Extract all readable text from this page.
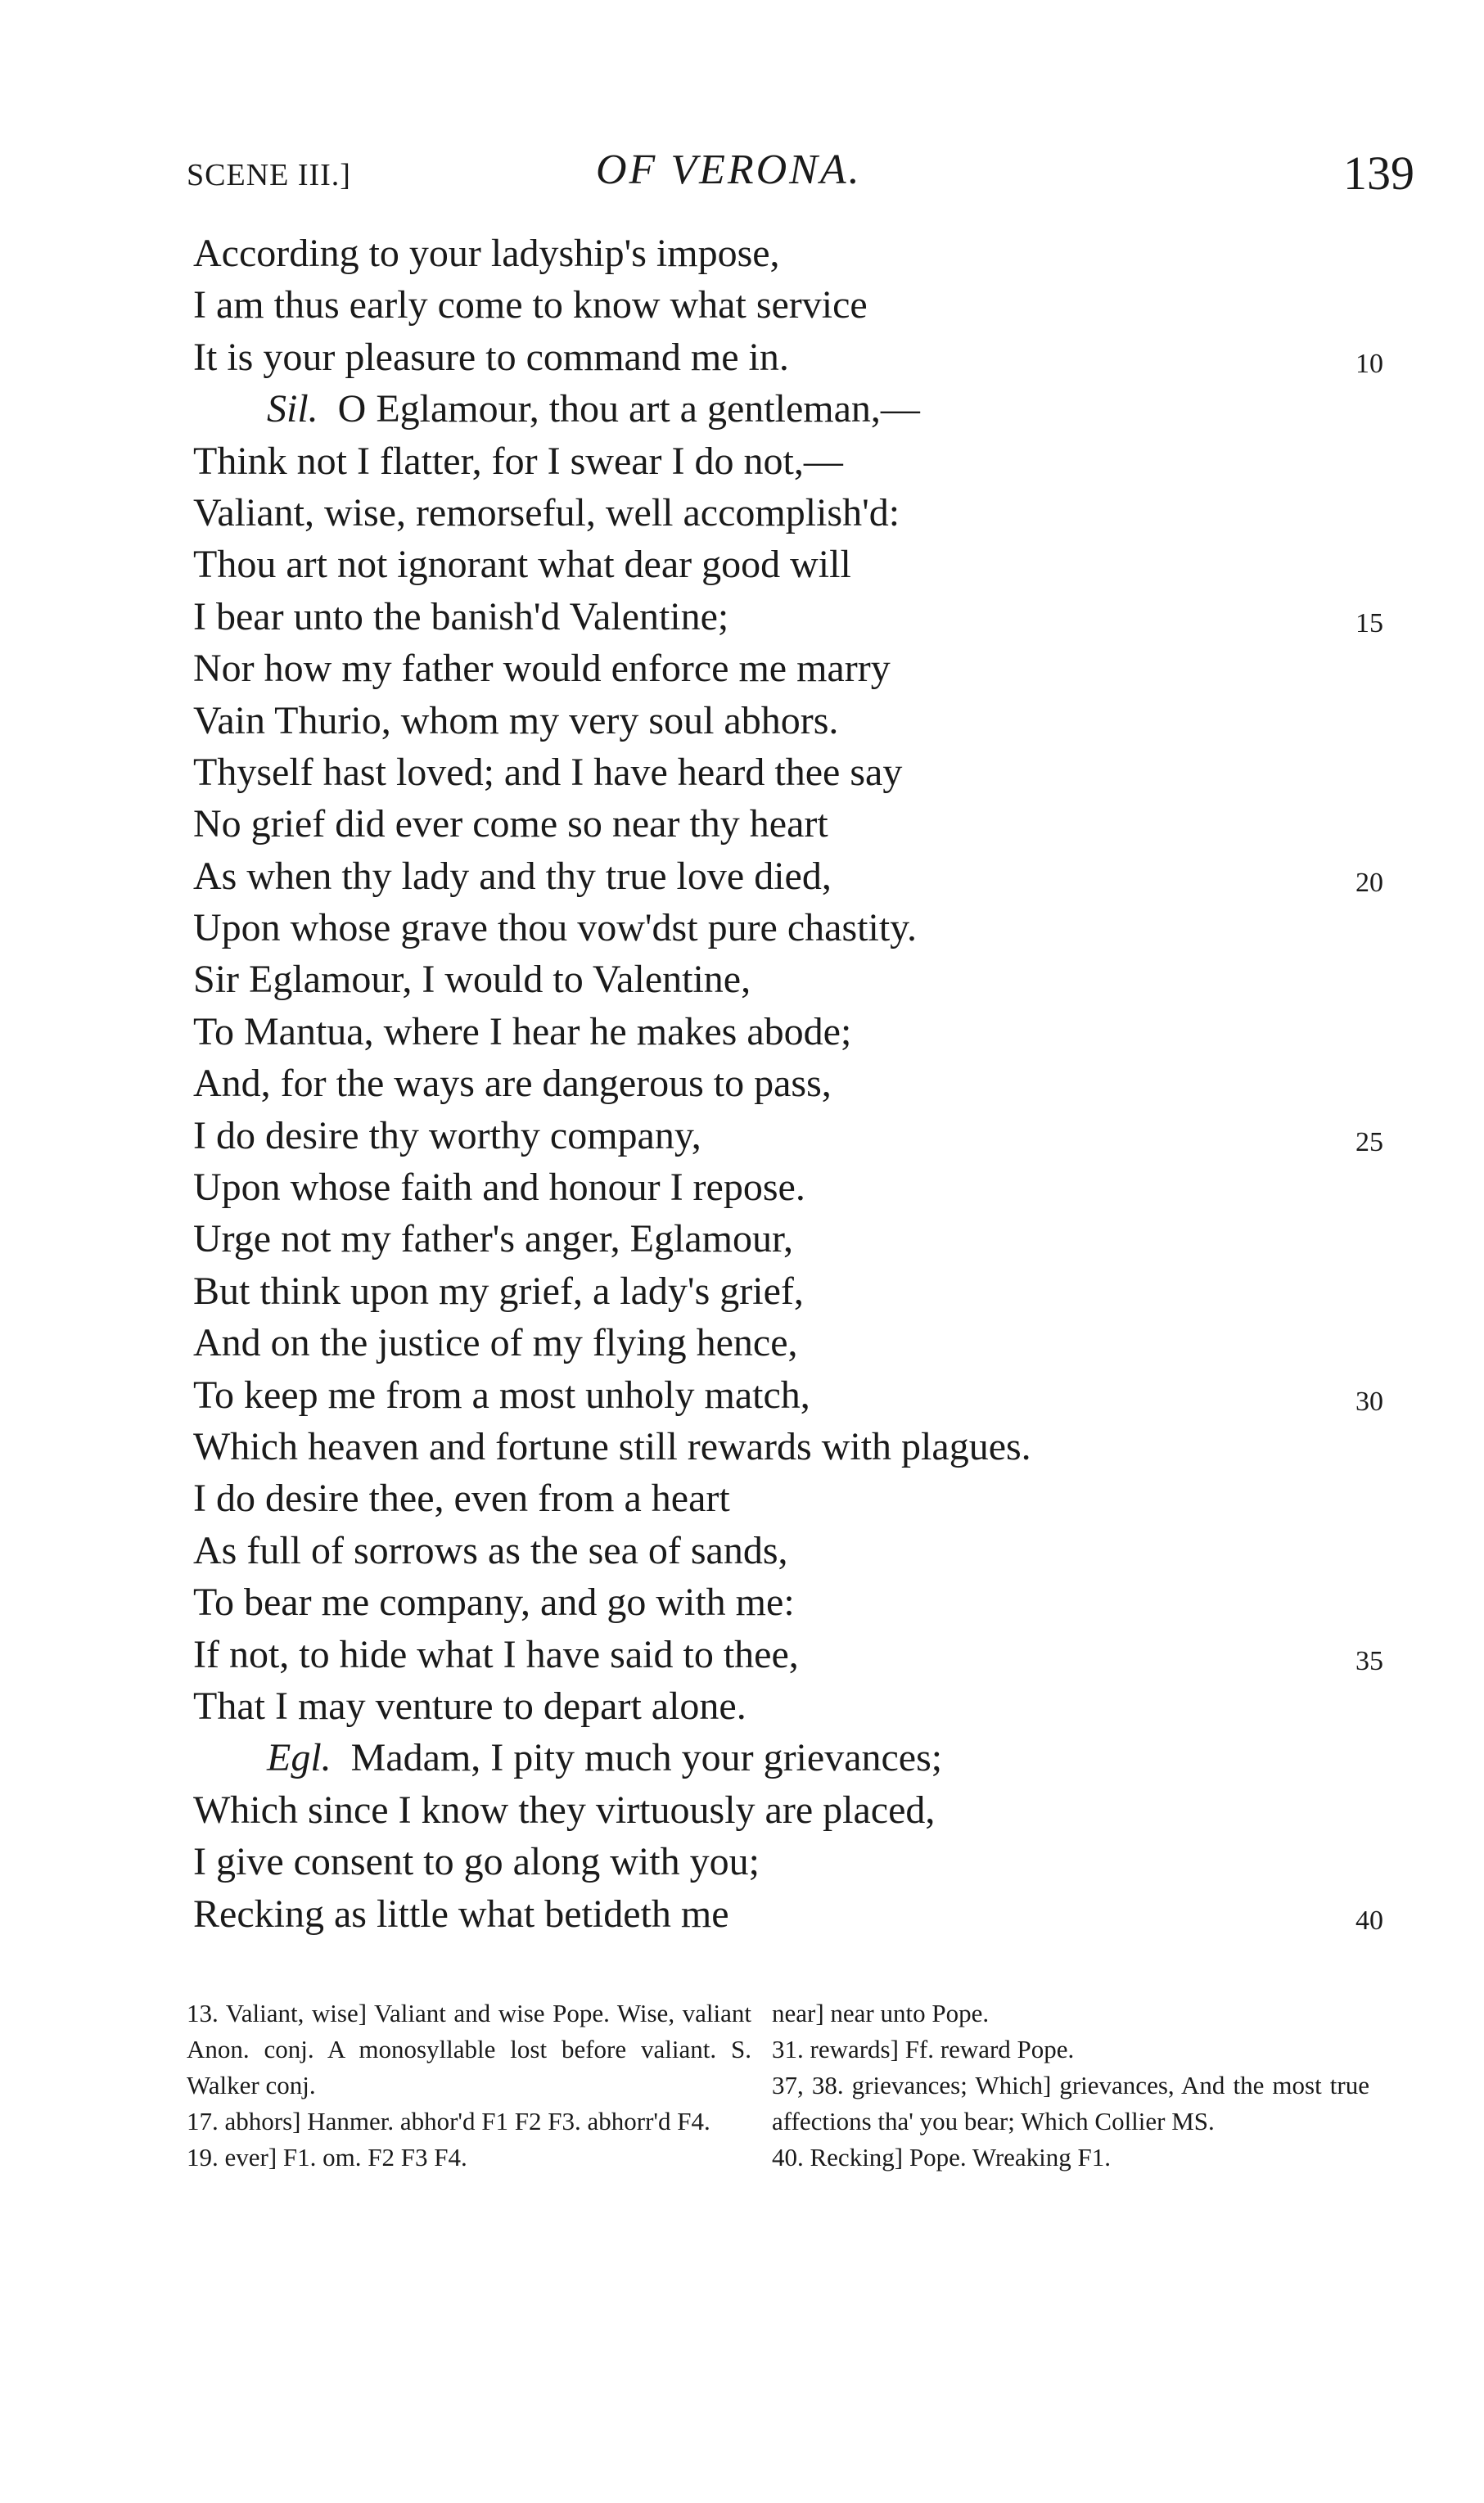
SCENE III.]	OF VERONA.	139
According to your ladyship's impose,
I am thus early come to know what service
It is your pleasure to command me in.	10
Sil.  O Eglamour, thou art a gentleman,—
Think not I flatter, for I swear I do not,—
Valiant, wise, remorseful, well accomplish'd:
Thou art not ignorant what dear good will
I bear unto the banish'd Valentine;	15
Nor how my father would enforce me marry
Vain Thurio, whom my very soul abhors.
Thyself hast loved; and I have heard thee say
No grief did ever come so near thy heart
As when thy lady and thy true love died,	20
Upon whose grave thou vow'dst pure chastity.
Sir Eglamour, I would to Valentine,
To Mantua, where I hear he makes abode;
And, for the ways are dangerous to pass,
I do desire thy worthy company,	25
Upon whose faith and honour I repose.
Urge not my father's anger, Eglamour,
But think upon my grief, a lady's grief,
And on the justice of my flying hence,
To keep me from a most unholy match,	30
Which heaven and fortune still rewards with plagues.
I do desire thee, even from a heart
As full of sorrows as the sea of sands,
To bear me company, and go with me:
If not, to hide what I have said to thee,	35
That I may venture to depart alone.
Egl.  Madam, I pity much your grievances;
Which since I know they virtuously are placed,
I give consent to go along with you;
Recking as little what betideth me	40
13. Valiant, wise] Valiant and wise Pope. Wise, valiant Anon. conj. A monosyllable lost before valiant. S. Walker conj.
17. abhors] Hanmer. abhor'd F1 F2 F3. abhorr'd F4.
19. ever] F1. om. F2 F3 F4.
near] near unto Pope.
31. rewards] Ff. reward Pope.
37, 38. grievances; Which] grievances, And the most true affections tha' you bear; Which Collier MS.
40. Recking] Pope. Wreaking F1.
